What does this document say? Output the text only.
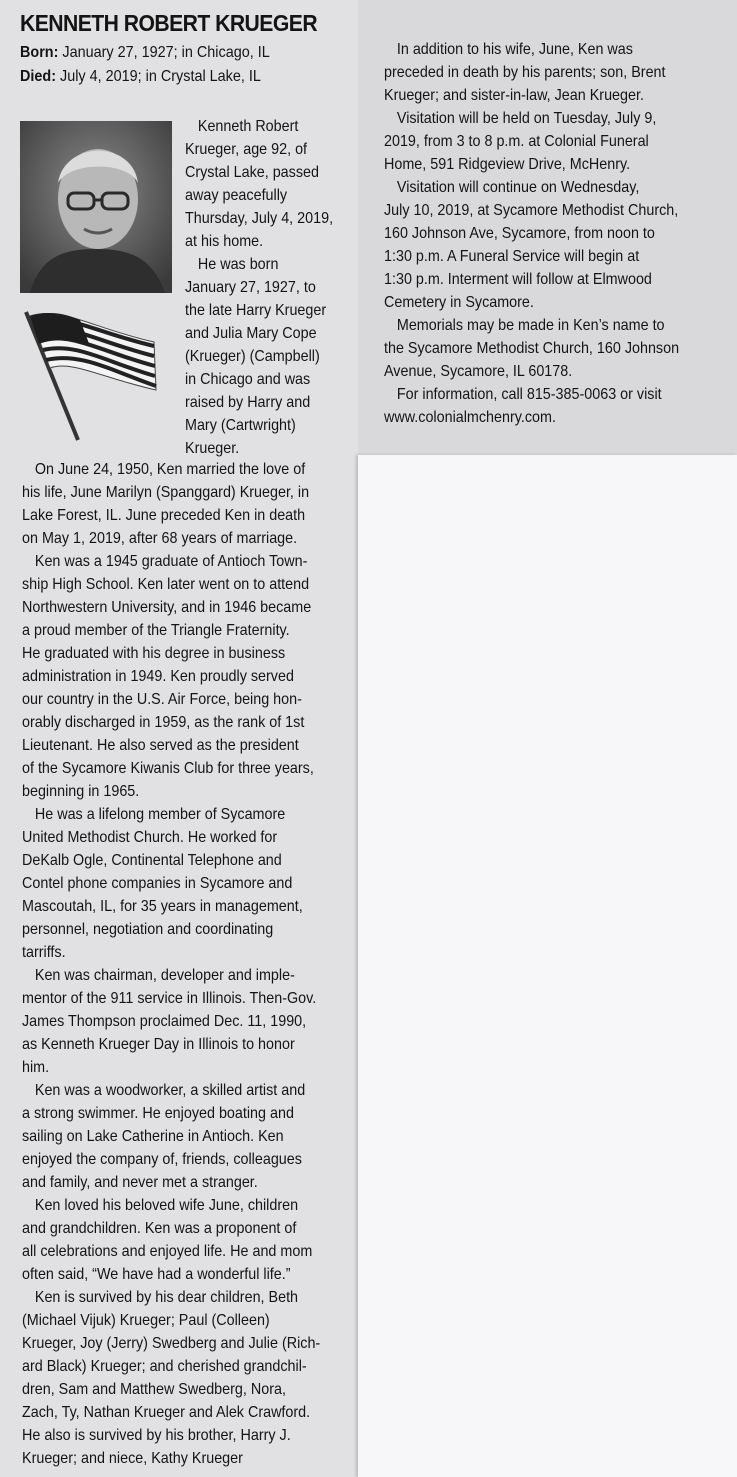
KENNETH ROBERT KRUEGER
Born: January 27, 1927; in Chicago, IL
Died: July 4, 2019; in Crystal Lake, IL
Kenneth Robert
Krueger, age 92, of
Crystal Lake, passed
away peacefully
Thursday, July 4, 2019,
at his home.
He was born
January 27, 1927, to
the late Harry Krueger
and Julia Mary Cope
(Krueger) (Campbell)
in Chicago and was
raised by Harry and
Mary (Cartwright)
Krueger.
On June 24, 1950, Ken married the love of
his life, June Marilyn (Spanggard) Krueger, in
Lake Forest, IL. June preceded Ken in death
on May 1, 2019, after 68 years of marriage.
Ken was a 1945 graduate of Antioch Town-
ship High School. Ken later went on to attend
Northwestern University, and in 1946 became
a proud member of the Triangle Fraternity.
He graduated with his degree in business
administration in 1949. Ken proudly served
our country in the U.S. Air Force, being hon-
orably discharged in 1959, as the rank of 1st
Lieutenant. He also served as the president
of the Sycamore Kiwanis Club for three years,
beginning in 1965.
He was a lifelong member of Sycamore
United Methodist Church. He worked for
DeKalb Ogle, Continental Telephone and
Contel phone companies in Sycamore and
Mascoutah, IL, for 35 years in management,
personnel, negotiation and coordinating
tarriffs.
Ken was chairman, developer and imple-
mentor of the 911 service in Illinois. Then-Gov.
James Thompson proclaimed Dec. 11, 1990,
as Kenneth Krueger Day in Illinois to honor
him.
Ken was a woodworker, a skilled artist and
a strong swimmer. He enjoyed boating and
sailing on Lake Catherine in Antioch. Ken
enjoyed the company of, friends, colleagues
and family, and never met a stranger.
Ken loved his beloved wife June, children
and grandchildren. Ken was a proponent of
all celebrations and enjoyed life. He and mom
often said, “We have had a wonderful life.”
Ken is survived by his dear children, Beth
(Michael Vijuk) Krueger; Paul (Colleen)
Krueger, Joy (Jerry) Swedberg and Julie (Rich-
ard Black) Krueger; and cherished grandchil-
dren, Sam and Matthew Swedberg, Nora,
Zach, Ty, Nathan Krueger and Alek Crawford.
He also is survived by his brother, Harry J.
Krueger; and niece, Kathy Krueger
In addition to his wife, June, Ken was
preceded in death by his parents; son, Brent
Krueger; and sister-in-law, Jean Krueger.
Visitation will be held on Tuesday, July 9,
2019, from 3 to 8 p.m. at Colonial Funeral
Home, 591 Ridgeview Drive, McHenry.
Visitation will continue on Wednesday,
July 10, 2019, at Sycamore Methodist Church,
160 Johnson Ave, Sycamore, from noon to
1:30 p.m. A Funeral Service will begin at
1:30 p.m. Interment will follow at Elmwood
Cemetery in Sycamore.
Memorials may be made in Ken’s name to
the Sycamore Methodist Church, 160 Johnson
Avenue, Sycamore, IL 60178.
For information, call 815-385-0063 or visit
www.colonialmchenry.com.
